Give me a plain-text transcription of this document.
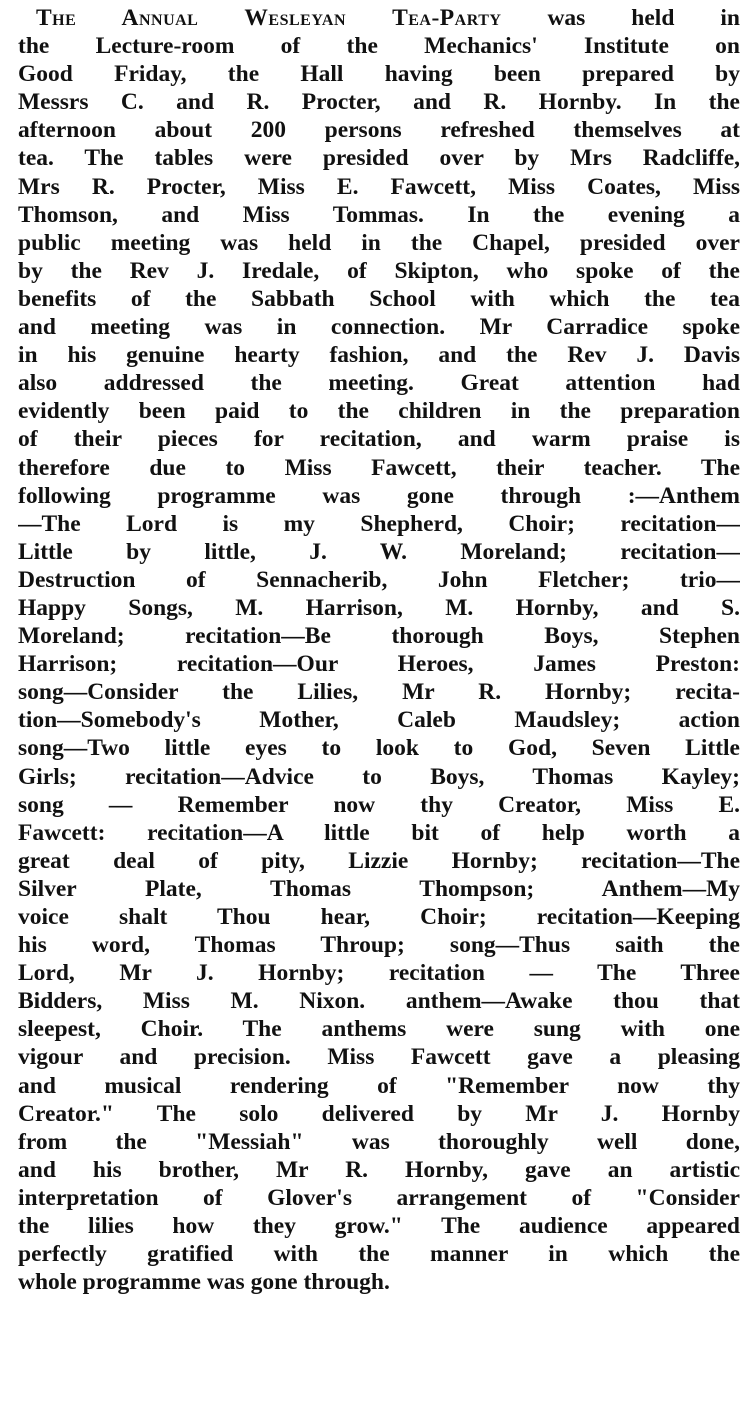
The Annual Wesleyan Tea-Party was held in
the Lecture-room of the Mechanics' Institute on
Good Friday, the Hall having been prepared by
Messrs C. and R. Procter, and R. Hornby. In the
afternoon about 200 persons refreshed themselves at
tea. The tables were presided over by Mrs Radcliffe,
Mrs R. Procter, Miss E. Fawcett, Miss Coates, Miss
Thomson, and Miss Tommas. In the evening a
public meeting was held in the Chapel, presided over
by the Rev J. Iredale, of Skipton, who spoke of the
benefits of the Sabbath School with which the tea
and meeting was in connection. Mr Carradice spoke
in his genuine hearty fashion, and the Rev J. Davis
also addressed the meeting. Great attention had
evidently been paid to the children in the preparation
of their pieces for recitation, and warm praise is
therefore due to Miss Fawcett, their teacher. The
following programme was gone through :—Anthem
—The Lord is my Shepherd, Choir; recitation—
Little by little, J. W. Moreland; recitation—
Destruction of Sennacherib, John Fletcher; trio—
Happy Songs, M. Harrison, M. Hornby, and S.
Moreland; recitation—Be thorough Boys, Stephen
Harrison; recitation—Our Heroes, James Preston:
song—Consider the Lilies, Mr R. Hornby; recita-
tion—Somebody's Mother, Caleb Maudsley; action
song—Two little eyes to look to God, Seven Little
Girls; recitation—Advice to Boys, Thomas Kayley;
song — Remember now thy Creator, Miss E.
Fawcett: recitation—A little bit of help worth a
great deal of pity, Lizzie Hornby; recitation—The
Silver Plate, Thomas Thompson; Anthem—My
voice shalt Thou hear, Choir; recitation—Keeping
his word, Thomas Throup; song—Thus saith the
Lord, Mr J. Hornby; recitation — The Three
Bidders, Miss M. Nixon. anthem—Awake thou that
sleepest, Choir. The anthems were sung with one
vigour and precision. Miss Fawcett gave a pleasing
and musical rendering of "Remember now thy
Creator." The solo delivered by Mr J. Hornby
from the "Messiah" was thoroughly well done,
and his brother, Mr R. Hornby, gave an artistic
interpretation of Glover's arrangement of "Consider
the lilies how they grow." The audience appeared
perfectly gratified with the manner in which the
whole programme was gone through.
